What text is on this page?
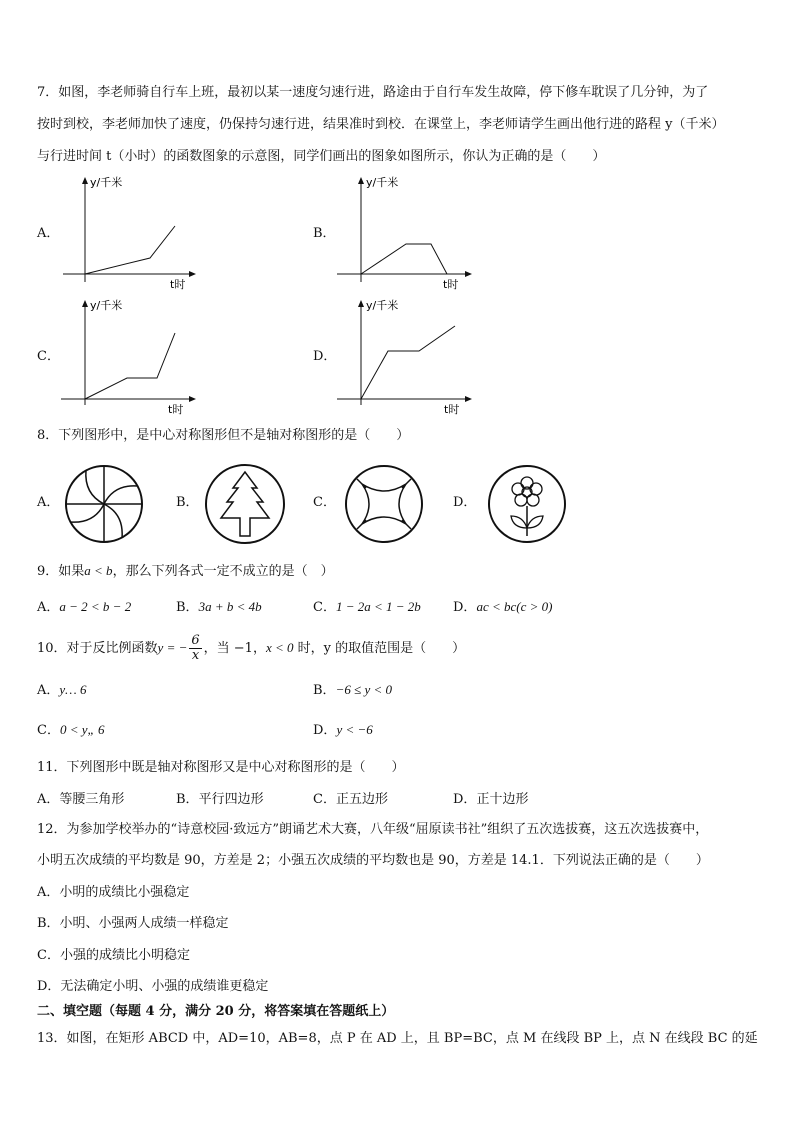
7．如图，李老师骑自行车上班，最初以某一速度匀速行进，路途由于自行车发生故障，停下修车耽误了几分钟，为了
按时到校，李老师加快了速度，仍保持匀速行进，结果准时到校．在课堂上，李老师请学生画出他行进的路程 y（千米）
与行进时间 t（小时）的函数图象的示意图，同学们画出的图象如图所示，你认为正确的是（　　）
A．
y/千米
t时
B．
y/千米
t时
C．
y/千米
t时
D．
y/千米
t时
8．下列图形中，是中心对称图形但不是轴对称图形的是（　　）
A．	B．	C．	D．
9．如果a < b，那么下列各式一定不成立的是（　）
A．a − 2 < b − 2	B．3a + b < 4b	C．1 − 2a < 1 − 2b D．ac < bc(c > 0)
10．对于反比例函数y = − $\frac{6}{x}$ ，当 −1，x < 0 时，y 的取值范围是（　　）
A．y… 6	B．−6 ≤ y < 0
C．0 < y„ 6	D．y < −6
11．下列图形中既是轴对称图形又是中心对称图形的是（　　）
A．等腰三角形	B．平行四边形	C．正五边形	D．正十边形
12．为参加学校举办的“诗意校园·致远方”朗诵艺术大赛，八年级“屈原读书社”组织了五次选拔赛，这五次选拔赛中，
小明五次成绩的平均数是 90，方差是 2；小强五次成绩的平均数也是 90，方差是 14.1．下列说法正确的是（　　）
A．小明的成绩比小强稳定
B．小明、小强两人成绩一样稳定
C．小强的成绩比小明稳定
D．无法确定小明、小强的成绩谁更稳定
二、填空题（每题 4 分，满分 20 分，将答案填在答题纸上）
13．如图，在矩形 ABCD 中，AD=10，AB=8，点 P 在 AD 上，且 BP=BC，点 M 在线段 BP 上，点 N 在线段 BC 的延
